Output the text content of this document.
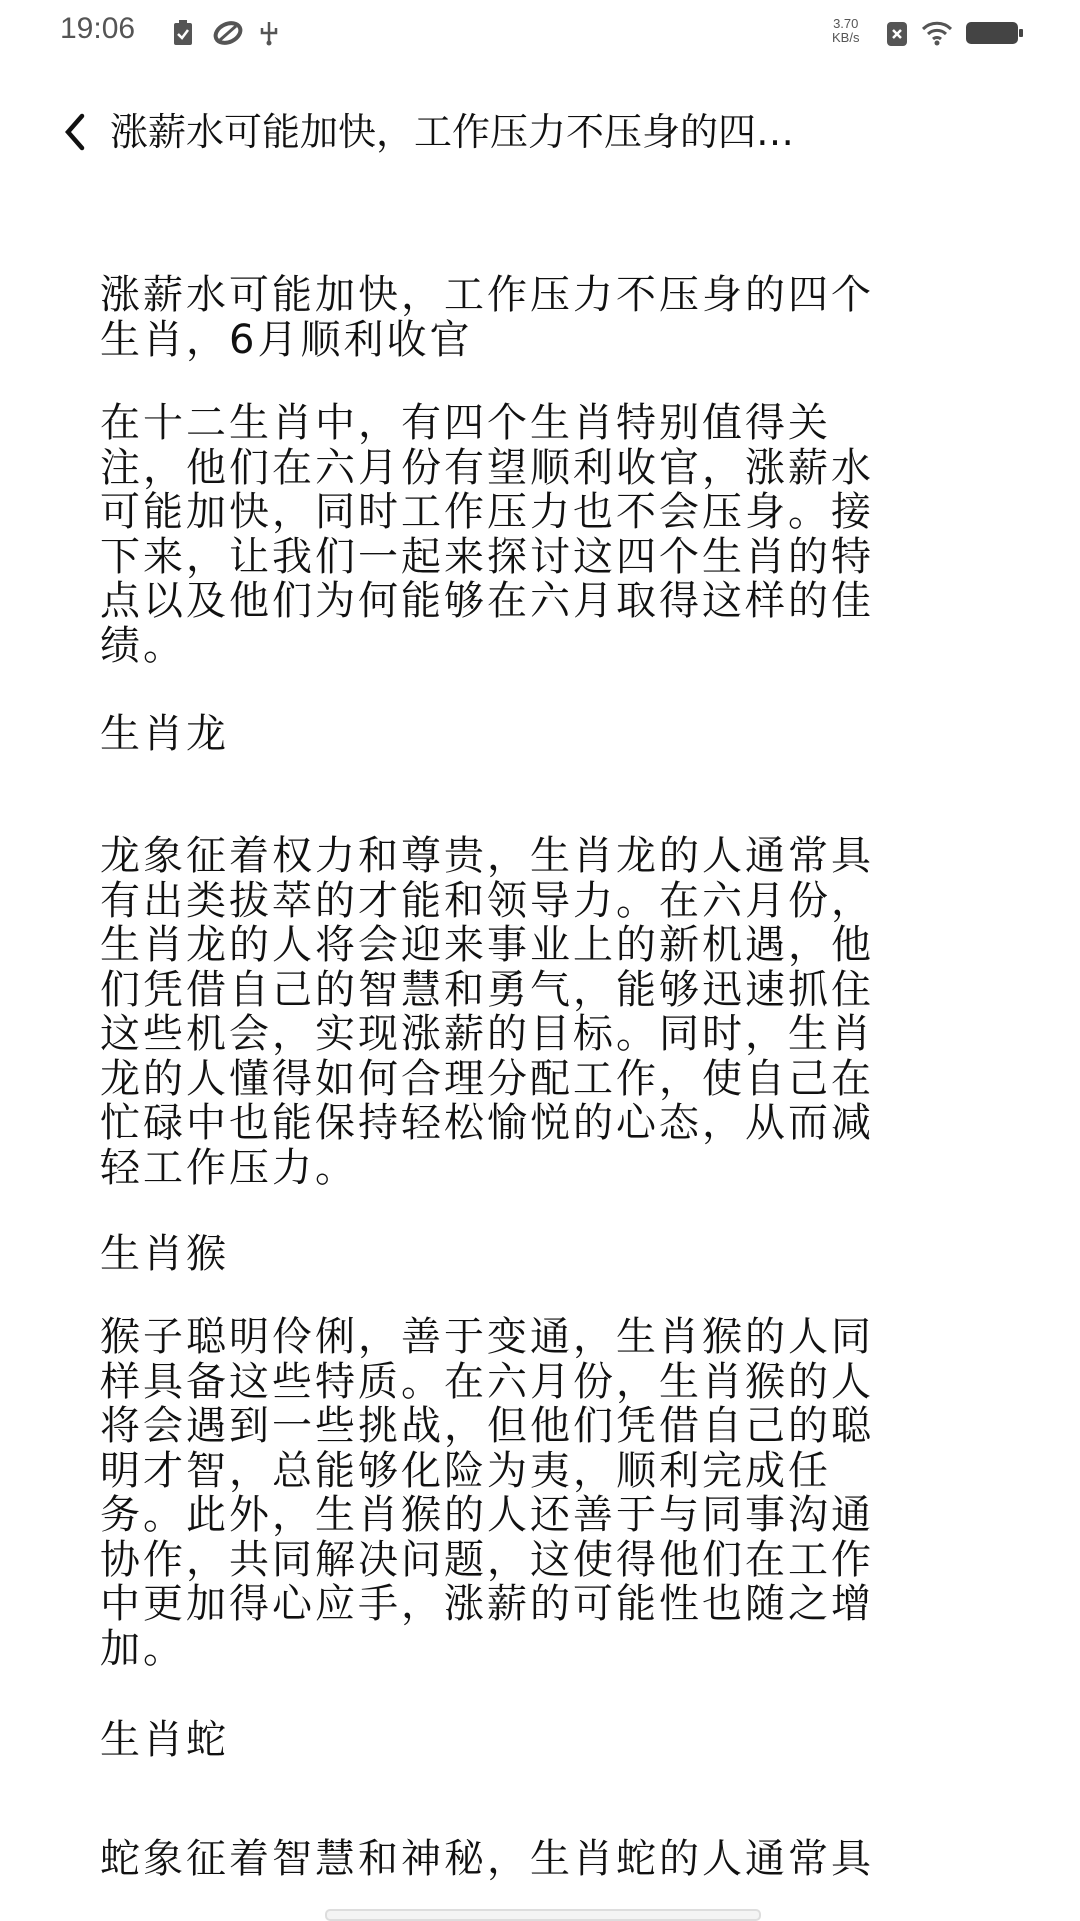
19:06	3.70
KB/s
涨薪水可能加快，工作压力不压身的四…
涨薪水可能加快，工作压力不压身的四个
生肖，6月顺利收官
在十二生肖中，有四个生肖特别值得关
注，他们在六月份有望顺利收官，涨薪水
可能加快，同时工作压力也不会压身。接
下来，让我们一起来探讨这四个生肖的特
点以及他们为何能够在六月取得这样的佳
绩。
生肖龙
龙象征着权力和尊贵，生肖龙的人通常具
有出类拔萃的才能和领导力。在六月份，
生肖龙的人将会迎来事业上的新机遇，他
们凭借自己的智慧和勇气，能够迅速抓住
这些机会，实现涨薪的目标。同时，生肖
龙的人懂得如何合理分配工作，使自己在
忙碌中也能保持轻松愉悦的心态，从而减
轻工作压力。
生肖猴
猴子聪明伶俐，善于变通，生肖猴的人同
样具备这些特质。在六月份，生肖猴的人
将会遇到一些挑战，但他们凭借自己的聪
明才智，总能够化险为夷，顺利完成任
务。此外，生肖猴的人还善于与同事沟通
协作，共同解决问题，这使得他们在工作
中更加得心应手，涨薪的可能性也随之增
加。
生肖蛇
蛇象征着智慧和神秘，生肖蛇的人通常具
